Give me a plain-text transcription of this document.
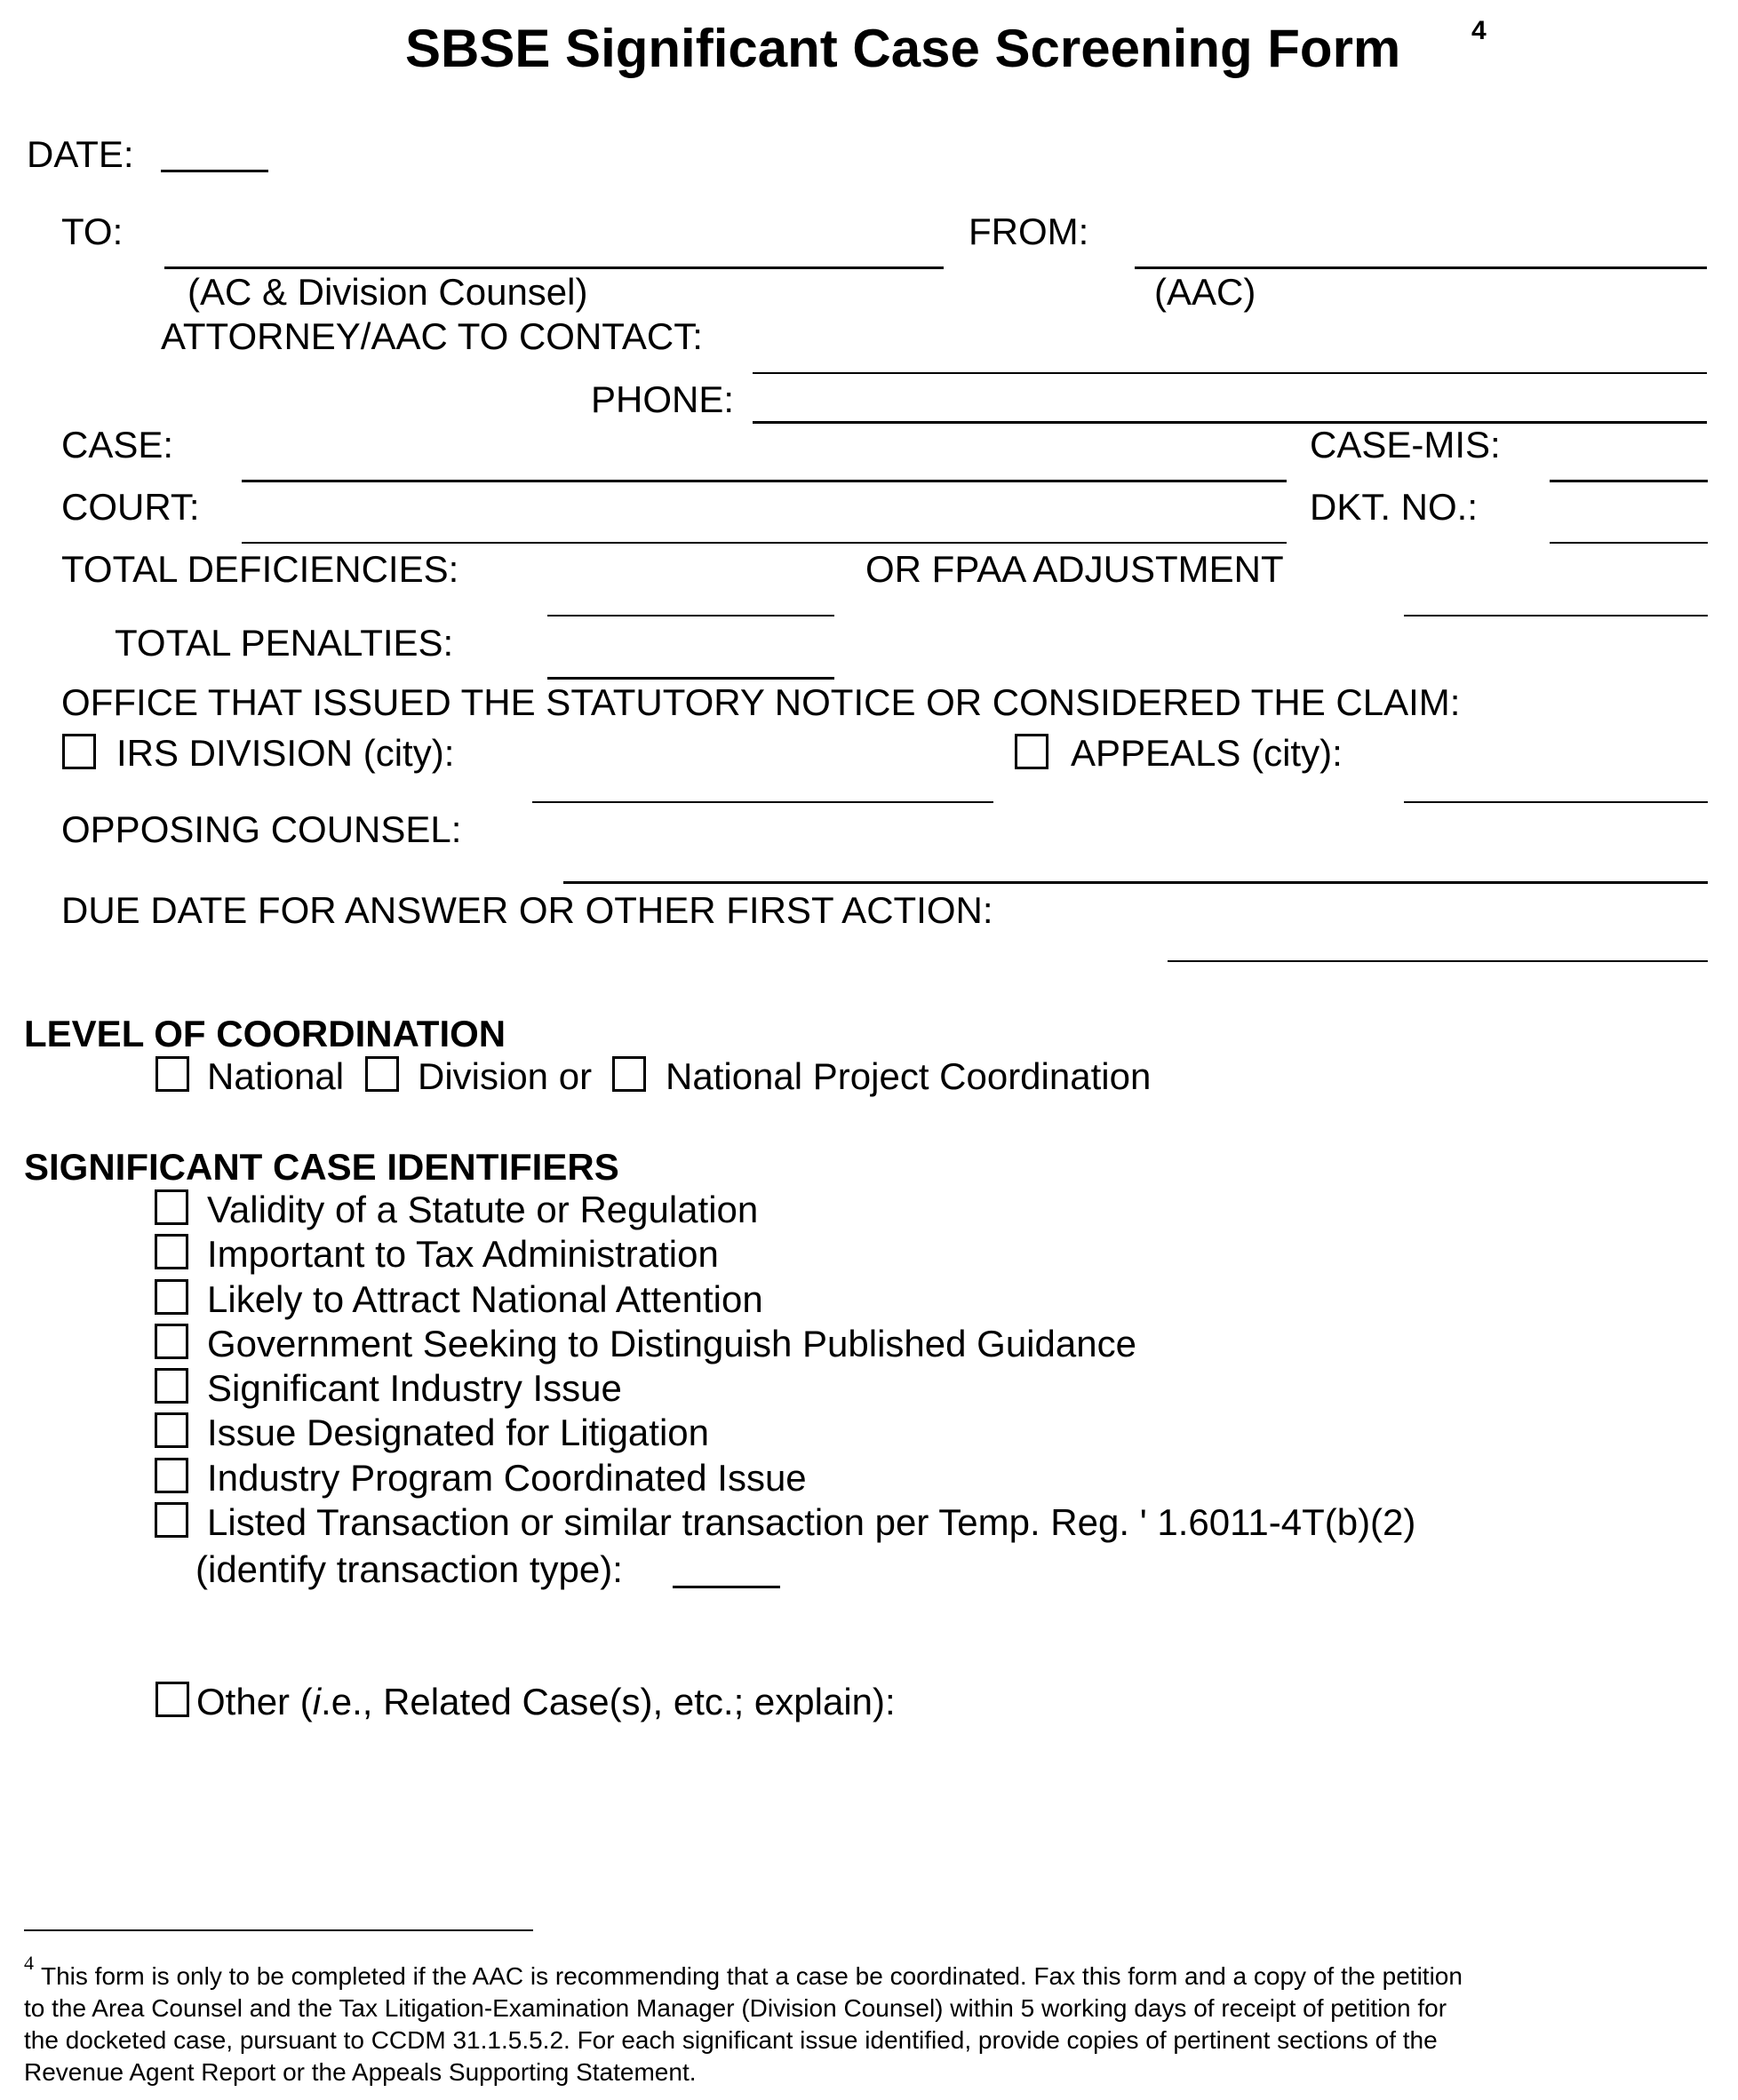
SBSE Significant Case Screening Form	4
DATE:
TO:	FROM:
(AC & Division Counsel)	(AAC)
ATTORNEY/AAC TO CONTACT:
PHONE:
CASE:	CASE-MIS:
COURT:	DKT. NO.:
TOTAL DEFICIENCIES:	OR FPAA ADJUSTMENT
TOTAL PENALTIES:
OFFICE THAT ISSUED THE STATUTORY NOTICE OR CONSIDERED THE CLAIM:
IRS DIVISION (city):	APPEALS (city):
OPPOSING COUNSEL:
DUE DATE FOR ANSWER OR OTHER FIRST ACTION:
LEVEL OF COORDINATION
National Division or National Project Coordination
SIGNIFICANT CASE IDENTIFIERS
Validity of a Statute or Regulation
Important to Tax Administration
Likely to Attract National Attention
Government Seeking to Distinguish Published Guidance
Significant Industry Issue
Issue Designated for Litigation
Industry Program Coordinated Issue
Listed Transaction or similar transaction per Temp. Reg. ' 1.6011-4T(b)(2)
(identify transaction type):
Other (i.e., Related Case(s), etc.; explain):
4 This form is only to be completed if the AAC is recommending that a case be coordinated. Fax this form and a copy of the petition
to the Area Counsel and the Tax Litigation-Examination Manager (Division Counsel) within 5 working days of receipt of petition for
the docketed case, pursuant to CCDM 31.1.5.5.2. For each significant issue identified, provide copies of pertinent sections of the
Revenue Agent Report or the Appeals Supporting Statement.
